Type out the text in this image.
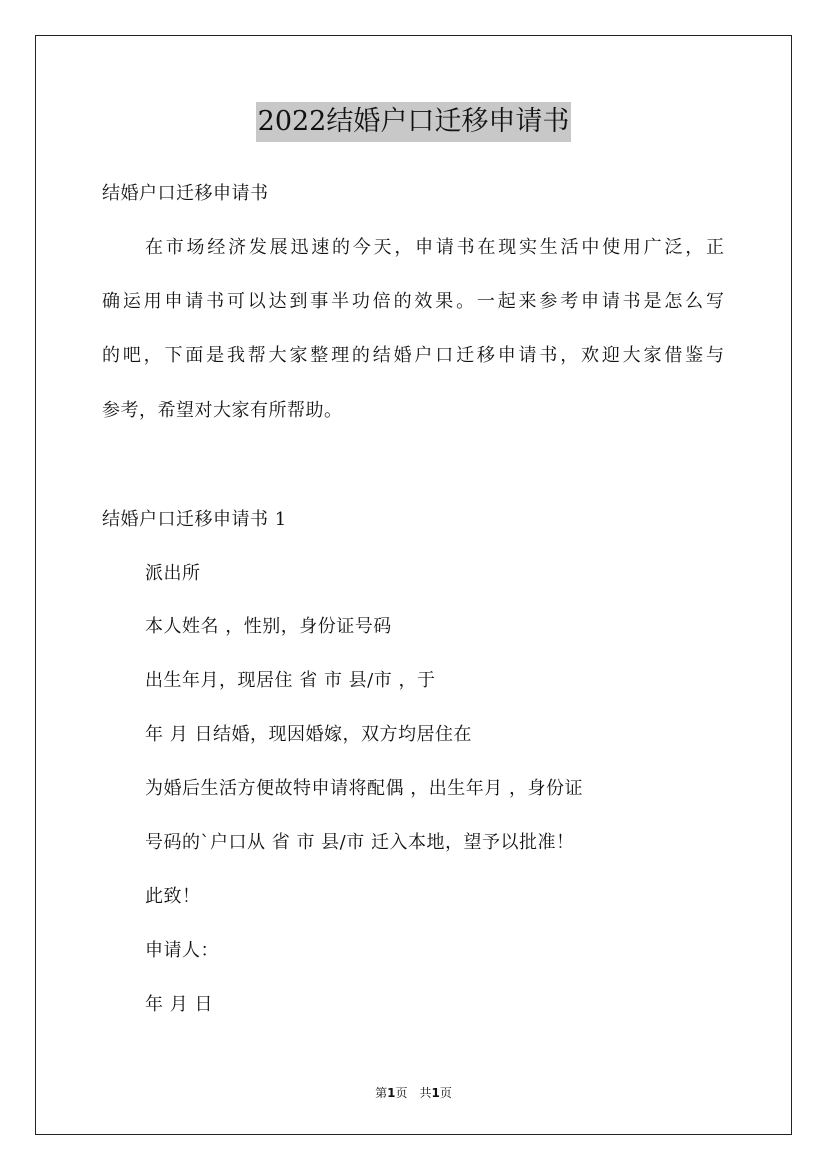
2022结婚户口迁移申请书
结婚户口迁移申请书
在市场经济发展迅速的今天，申请书在现实生活中使用广泛，正
确运用申请书可以达到事半功倍的效果。一起来参考申请书是怎么写
的吧，下面是我帮大家整理的结婚户口迁移申请书，欢迎大家借鉴与
参考，希望对大家有所帮助。
结婚户口迁移申请书 1
派出所
本人姓名 ，性别，身份证号码
出生年月，现居住 省 市 县/市 ，于
年 月 日结婚，现因婚嫁，双方均居住在
为婚后生活方便故特申请将配偶 ，出生年月 ，身份证
号码的`户口从 省 市 县/市 迁入本地，望予以批准！
此致！
申请人：
年 月 日
第1页　共1页
